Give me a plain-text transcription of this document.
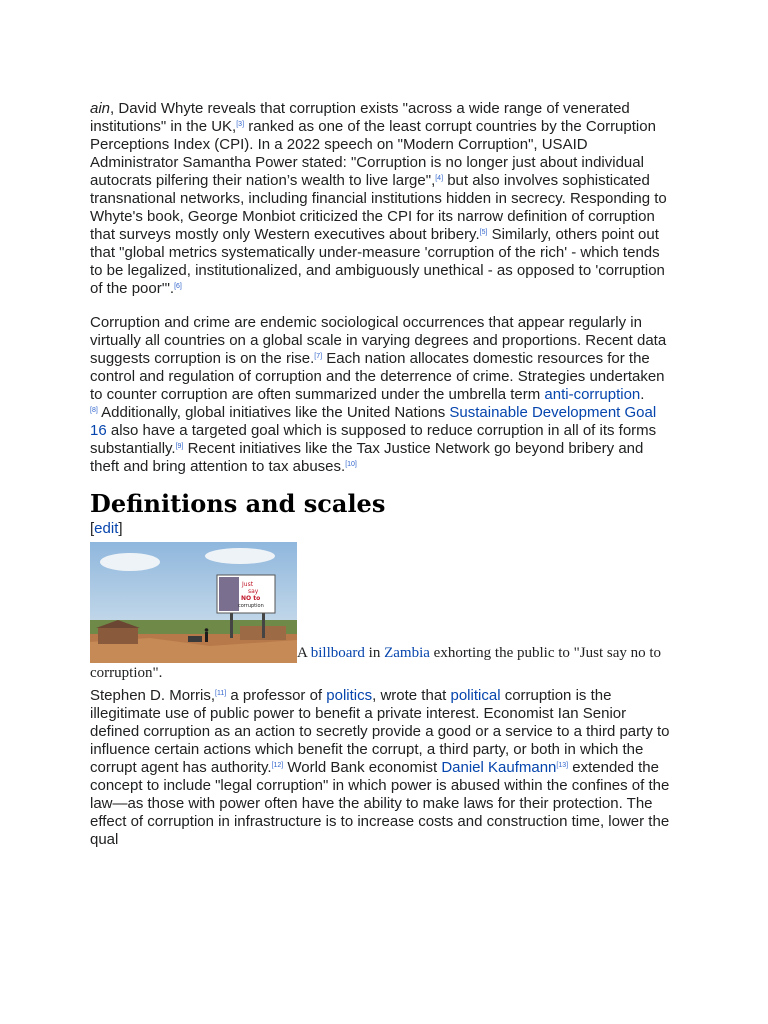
ain, David Whyte reveals that corruption exists "across a wide range of venerated institutions" in the UK,[3] ranked as one of the least corrupt countries by the Corruption Perceptions Index (CPI). In a 2022 speech on "Modern Corruption", USAID Administrator Samantha Power stated: "Corruption is no longer just about individual autocrats pilfering their nation’s wealth to live large",[4] but also involves sophisticated transnational networks, including financial institutions hidden in secrecy. Responding to Whyte's book, George Monbiot criticized the CPI for its narrow definition of corruption that surveys mostly only Western executives about bribery.[5] Similarly, others point out that "global metrics systematically under-measure 'corruption of the rich' - which tends to be legalized, institutionalized, and ambiguously unethical - as opposed to 'corruption of the poor'".[6]

Corruption and crime are endemic sociological occurrences that appear regularly in virtually all countries on a global scale in varying degrees and proportions. Recent data suggests corruption is on the rise.[7] Each nation allocates domestic resources for the control and regulation of corruption and the deterrence of crime. Strategies undertaken to counter corruption are often summarized under the umbrella term anti-corruption.
[8] Additionally, global initiatives like the United Nations Sustainable Development Goal 16 also have a targeted goal which is supposed to reduce corruption in all of its forms substantially.[9] Recent initiatives like the Tax Justice Network go beyond bribery and theft and bring attention to tax abuses.[10]

Definitions and scales
[edit]
Just
say
NO to
corruption
A billboard in Zambia exhorting the public to "Just say no to corruption".

Stephen D. Morris,[11] a professor of politics, wrote that political corruption is the illegitimate use of public power to benefit a private interest. Economist Ian Senior defined corruption as an action to secretly provide a good or a service to a third party to influence certain actions which benefit the corrupt, a third party, or both in which the corrupt agent has authority.[12] World Bank economist Daniel Kaufmann[13] extended the concept to include "legal corruption" in which power is abused within the confines of the law—as those with power often have the ability to make laws for their protection. The effect of corruption in infrastructure is to increase costs and construction time, lower the qual
